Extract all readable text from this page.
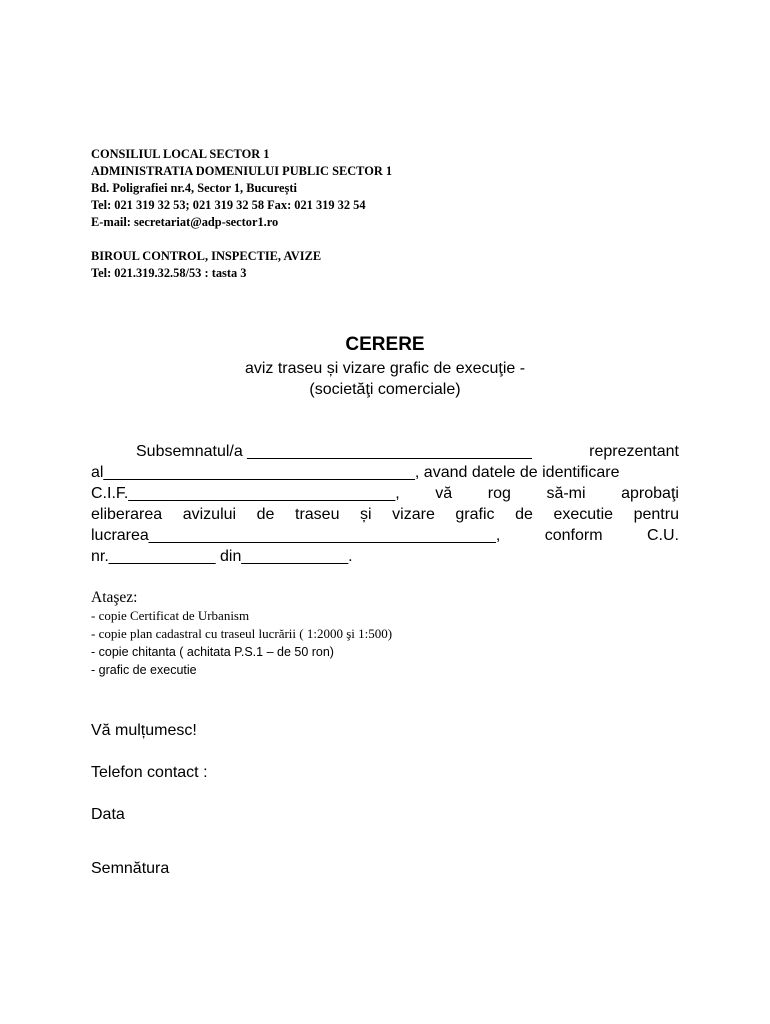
CONSILIUL LOCAL SECTOR 1
ADMINISTRATIA DOMENIULUI PUBLIC SECTOR 1
Bd. Poligrafiei nr.4, Sector 1, București
Tel: 021 319 32 53; 021 319 32 58 Fax: 021 319 32 54
E-mail: secretariat@adp-sector1.ro
BIROUL CONTROL, INSPECTIE, AVIZE
Tel: 021.319.32.58/53 : tasta 3
CERERE
aviz traseu și vizare grafic de execuţie -
(societăţi comerciale)
Subsemnatul/a ________________________________	reprezentant
al___________________________________, avand datele de identificare
C.I.F.______________________________, vă rog să-mi aprobaţi
eliberarea avizului de traseu și vizare grafic de executie pentru
lucrarea_______________________________________,	conform	C.U.
nr.____________ din____________.
Ataşez:
- copie Certificat de Urbanism
- copie plan cadastral cu traseul lucrării ( 1:2000 şi 1:500)
- copie chitanta ( achitata P.S.1 – de 50 ron)
- grafic de executie
Vă mulțumesc!
Telefon contact :
Data
Semnătura
